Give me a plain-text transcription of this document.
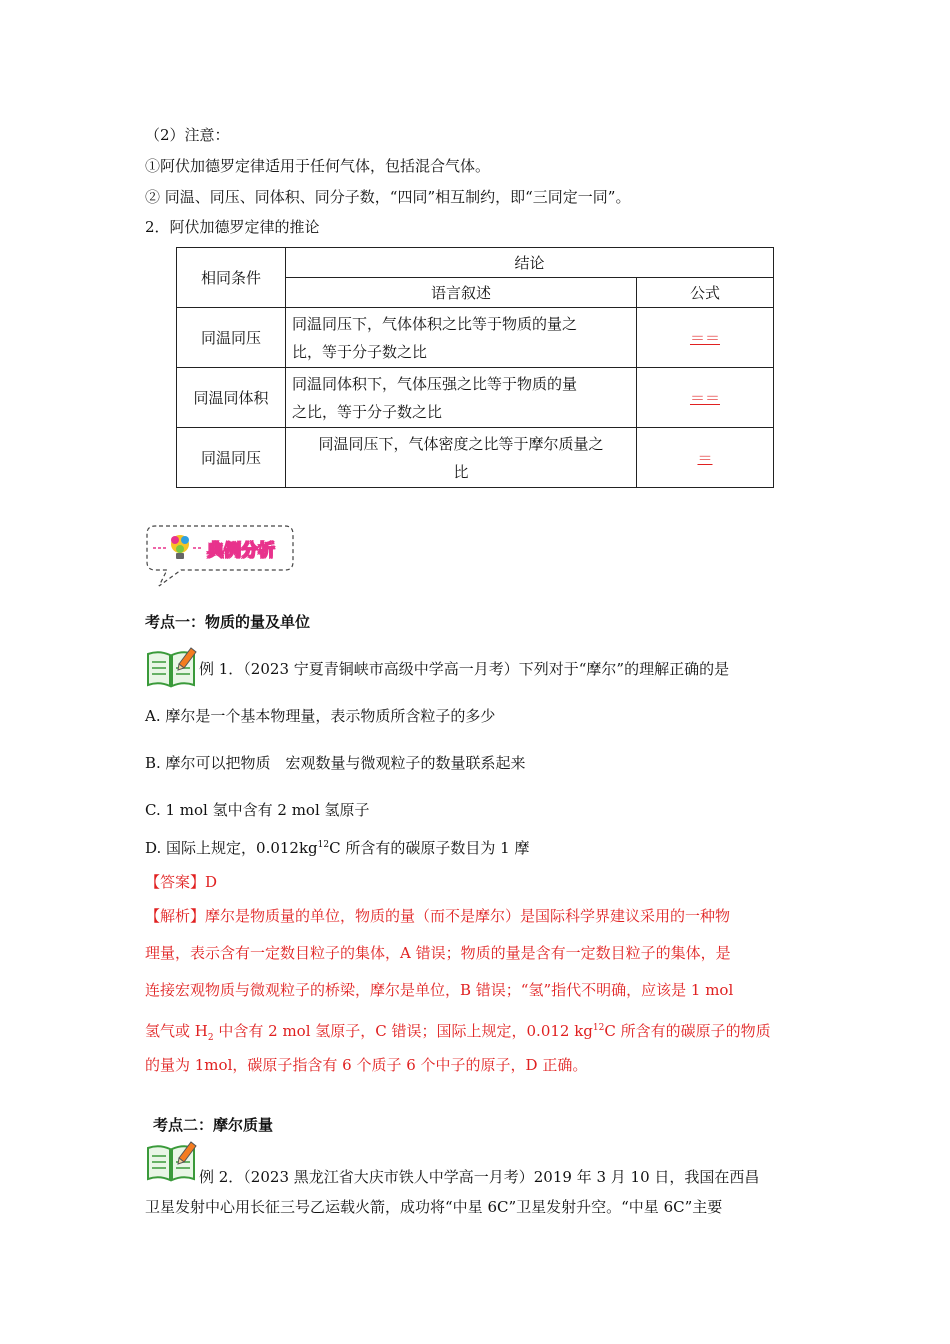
（2）注意：
①阿伏加德罗定律适用于任何气体，包括混合气体。
② 同温、同压、同体积、同分子数，“四同”相互制约，即“三同定一同”。
2．阿伏加德罗定律的推论
相同条件	结论	
	语言叙述	公式
同温同压	同温同压下，气体体积之比等于物质的量之
比，等于分子数之比	＝＝
同温同体积	同温同体积下，气体压强之比等于物质的量
之比，等于分子数之比	＝＝
同温同压	同温同压下，气体密度之比等于摩尔质量之
比	＝
典例分析
考点一：物质的量及单位
例 1．（2023 宁夏青铜峡市高级中学高一月考）下列对于“摩尔”的理解正确的是
A. 摩尔是一个基本物理量，表示物质所含粒子的多少
B. 摩尔可以把物质　宏观数量与微观粒子的数量联系起来
C. 1 mol 氢中含有 2 mol 氢原子
D. 国际上规定，$0.012kg^{12}C$ 所含有的碳原子数目为 1 摩
【答案】D
【解析】摩尔是物质量的单位，物质的量（而不是摩尔）是国际科学界建议采用的一种物
理量，表示含有一定数目粒子的集体，A 错误；物质的量是含有一定数目粒子的集体，是
连接宏观物质与微观粒子的桥梁，摩尔是单位，B 错误；“氢”指代不明确，应该是 1 mol
氢气或 $H_2$ 中含有 2 mol 氢原子，C 错误；国际上规定，0.012 $kg^{12}C$ 所含有的碳原子的物质
的量为 1mol，碳原子指含有 6 个质子 6 个中子的原子，D 正确。
考点二：摩尔质量
例 2．（2023 黑龙江省大庆市铁人中学高一月考）2019 年 3 月 10 日，我国在西昌
卫星发射中心用长征三号乙运载火箭，成功将“中星 6C”卫星发射升空。“中星 6C”主要
